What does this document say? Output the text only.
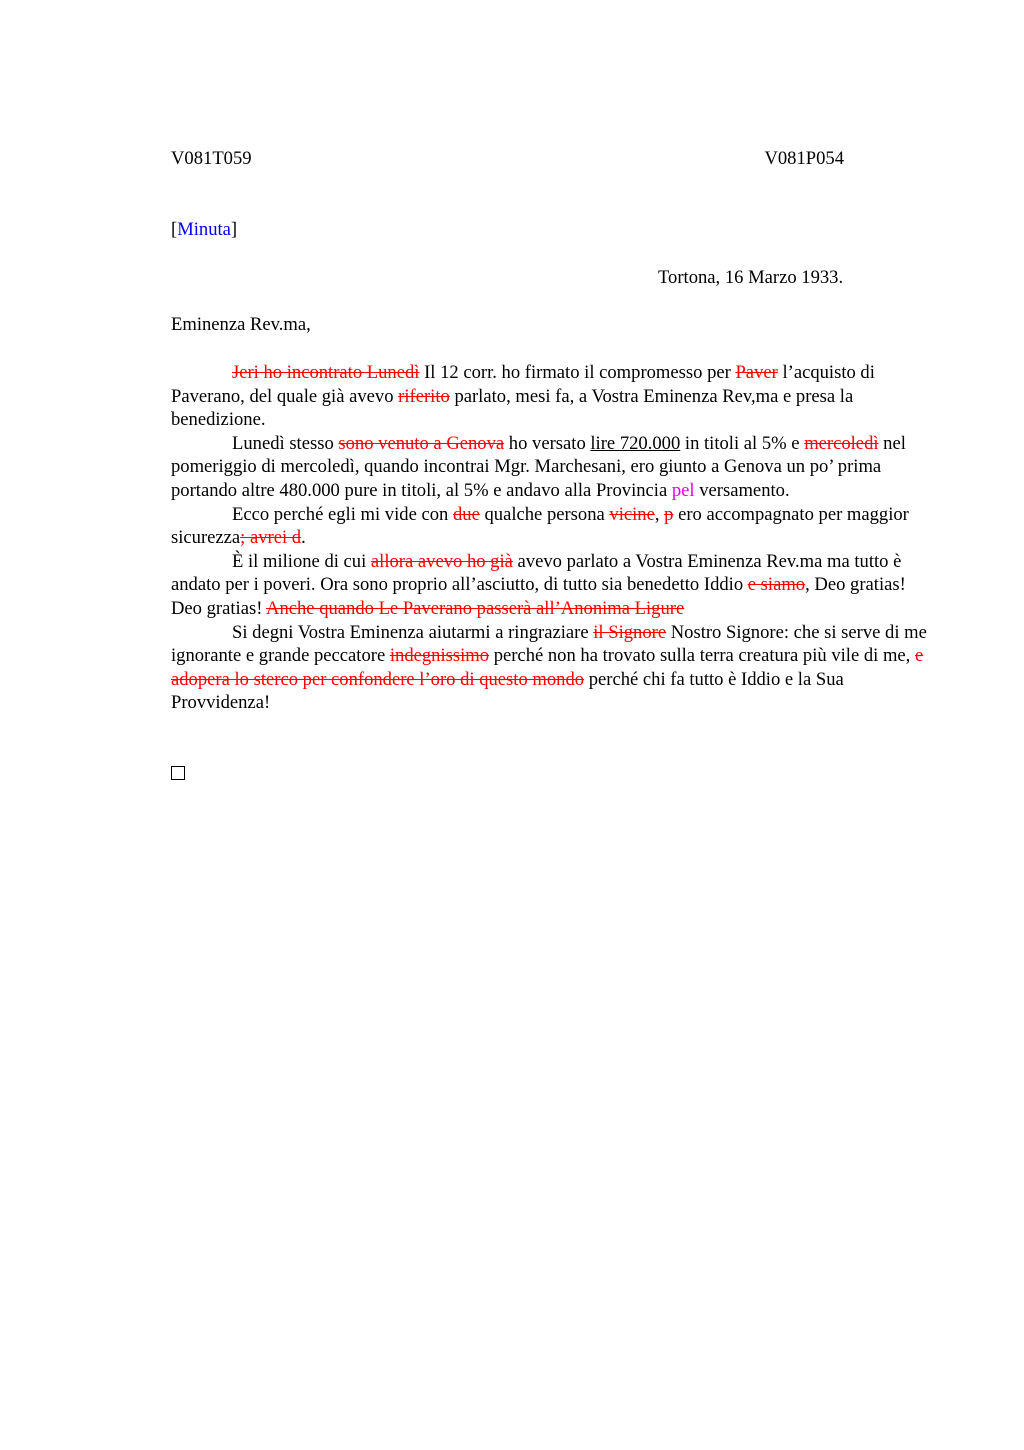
V081T059	V081P054
[Minuta]
Tortona, 16 Marzo 1933.
Eminenza Rev.ma,

Jeri ho incontrato Lunedì Il 12 corr. ho firmato il compromesso per Paver l’acquisto di Paverano, del quale già avevo riferito parlato, mesi fa, a Vostra Eminenza Rev,ma e presa la benedizione.

Lunedì stesso sono venuto a Genova ho versato lire 720.000 in titoli al 5% e mercoledì nel pomeriggio di mercoledì, quando incontrai Mgr. Marchesani, ero giunto a Genova un po’ prima portando altre 480.000 pure in titoli, al 5% e andavo alla Provincia pel versamento.

Ecco perché egli mi vide con due qualche persona vicine, p ero accompagnato per maggior sicurezza; avrei d.

È il milione di cui allora avevo ho già avevo parlato a Vostra Eminenza Rev.ma ma tutto è andato per i poveri. Ora sono proprio all’asciutto, di tutto sia benedetto Iddio e siamo, Deo gratias! Deo gratias! Anche quando Le Paverano passerà all’Anonima Ligure

Si degni Vostra Eminenza aiutarmi a ringraziare il Signore Nostro Signore: che si serve di me ignorante e grande peccatore indegnissimo perché non ha trovato sulla terra creatura più vile di me, e adopera lo sterco per confondere l’oro di questo mondo perché chi fa tutto è Iddio e la Sua Provvidenza!
